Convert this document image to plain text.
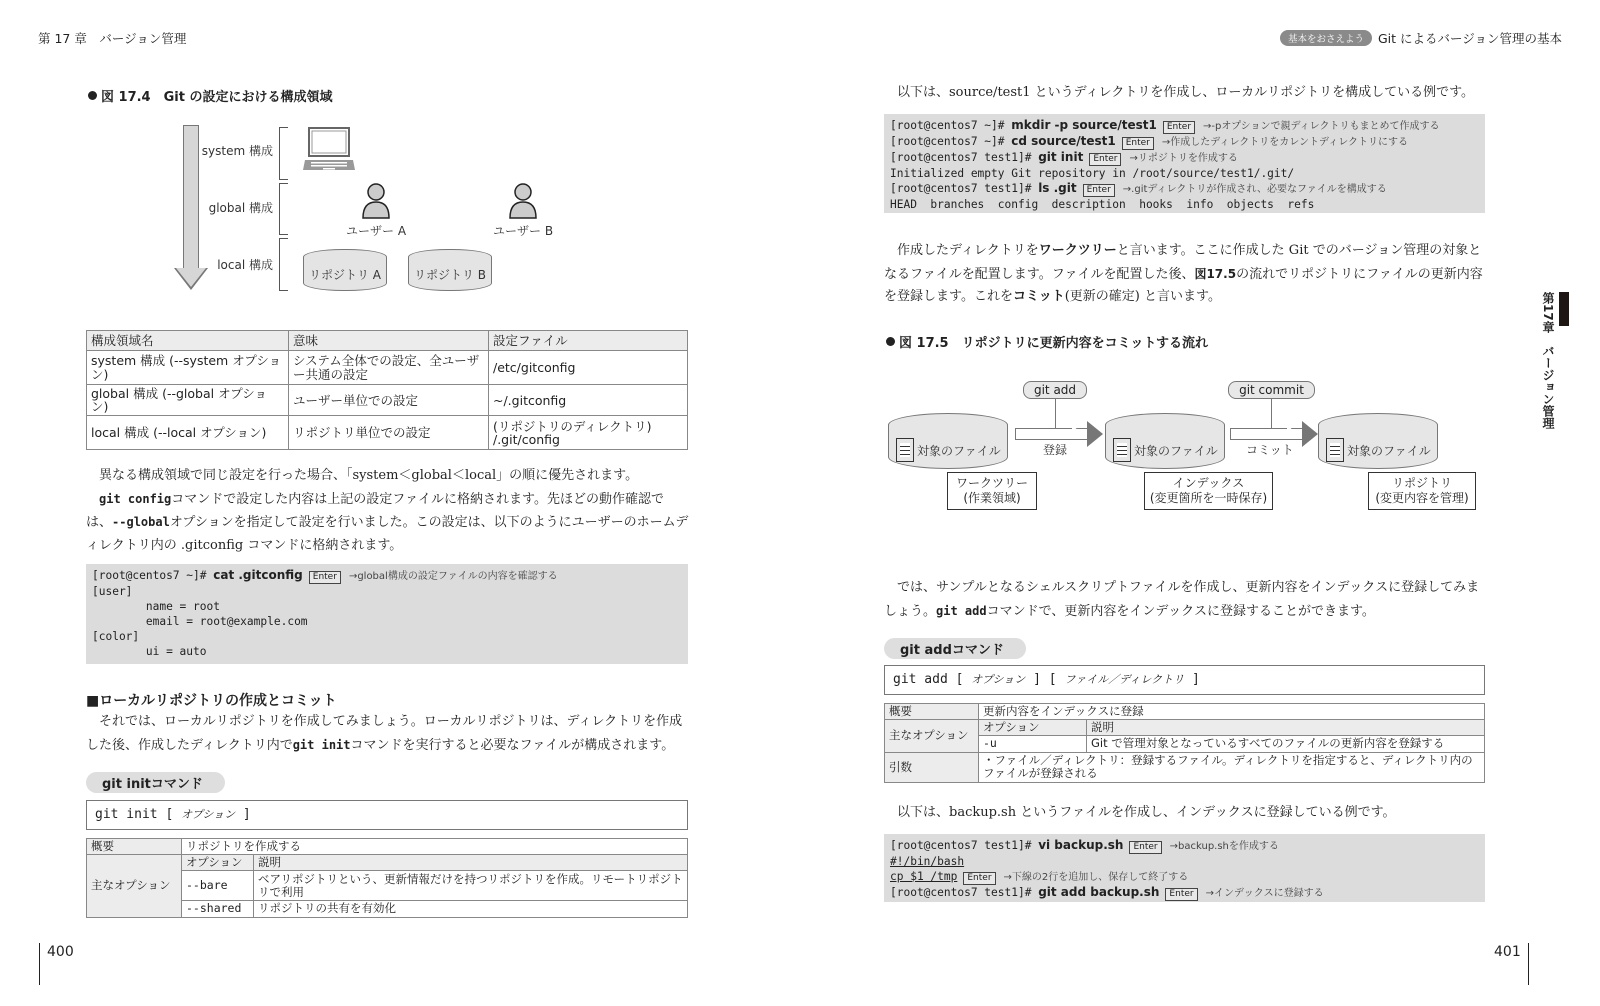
第 17 章　バージョン管理
図 17.4　Git の設定における構成領域
system 構成
global 構成
local 構成
ユーザー A	ユーザー B
リポジトリ A	リポジトリ B
構成領域名	意味	設定ファイル
system 構成 (--system オプション)	システム全体での設定、全ユーザー共通の設定	/etc/gitconfig
global 構成 (--global オプション)	ユーザー単位での設定	~/.gitconfig
local 構成 (--local オプション)	リポジトリ単位での設定	(リポジトリのディレクトリ) /.git/config
異なる構成領域で同じ設定を行った場合、「system＜global＜local」の順に優先されます。
git configコマンドで設定した内容は上記の設定ファイルに格納されます。先ほどの動作確認では、--globalオプションを指定して設定を行いました。この設定は、以下のようにユーザーのホームディレクトリ内の .gitconfig コマンドに格納されます。
[root@centos7 ~]# cat .gitconfig Enter →global構成の設定ファイルの内容を確認する
[user]
name = root
email = root@example.com
[color]
ui = auto
■ローカルリポジトリの作成とコミット
それでは、ローカルリポジトリを作成してみましょう。ローカルリポジトリは、ディレクトリを作成した後、作成したディレクトリ内でgit initコマンドを実行すると必要なファイルが構成されます。
git initコマンド
git init [ オプション ]
概要	リポジトリを作成する	
主なオプション	オプション	説明
	--bare	ベアリポジトリという、更新情報だけを持つリポジトリを作成。リモートリポジトリで利用
	--shared	リポジトリの共有を有効化
400
基本をおさえよう	Git によるバージョン管理の基本
以下は、source/test1 というディレクトリを作成し、ローカルリポジトリを構成している例です。
[root@centos7 ~]# mkdir -p source/test1 Enter →-pオプションで親ディレクトリもまとめて作成する
[root@centos7 ~]# cd source/test1 Enter →作成したディレクトリをカレントディレクトリにする
[root@centos7 test1]# git init Enter →リポジトリを作成する
Initialized empty Git repository in /root/source/test1/.git/
[root@centos7 test1]# ls .git Enter →.gitディレクトリが作成され、必要なファイルを構成する
HEAD  branches  config  description  hooks  info  objects  refs
作成したディレクトリをワークツリーと言います。ここに作成した Git でのバージョン管理の対象となるファイルを配置します。ファイルを配置した後、図17.5の流れでリポジトリにファイルの更新内容を登録します。これをコミット(更新の確定) と言います。
図 17.5　リポジトリに更新内容をコミットする流れ
対象のファイル	対象のファイル	対象のファイル
登録	コミット
git add	git commit
ワークツリー
(作業領域)
インデックス
(変更箇所を一時保存)
リポジトリ
(変更内容を管理)
では、サンプルとなるシェルスクリプトファイルを作成し、更新内容をインデックスに登録してみましょう。git addコマンドで、更新内容をインデックスに登録することができます。
git addコマンド
git add [ オプション ] [ ファイル／ディレクトリ ]
概要	更新内容をインデックスに登録	
主なオプション	オプション	説明
	-u	Git で管理対象となっているすべてのファイルの更新内容を登録する
引数	・ファイル／ディレクトリ：登録するファイル。ディレクトリを指定すると、ディレクトリ内のファイルが登録される	
以下は、backup.sh というファイルを作成し、インデックスに登録している例です。
[root@centos7 test1]# vi backup.sh Enter →backup.shを作成する
#!/bin/bash
cp $1 /tmp Enter →下線の2行を追加し、保存して終了する
[root@centos7 test1]# git add backup.sh Enter →インデックスに登録する
第17章　バージョン管理
401
